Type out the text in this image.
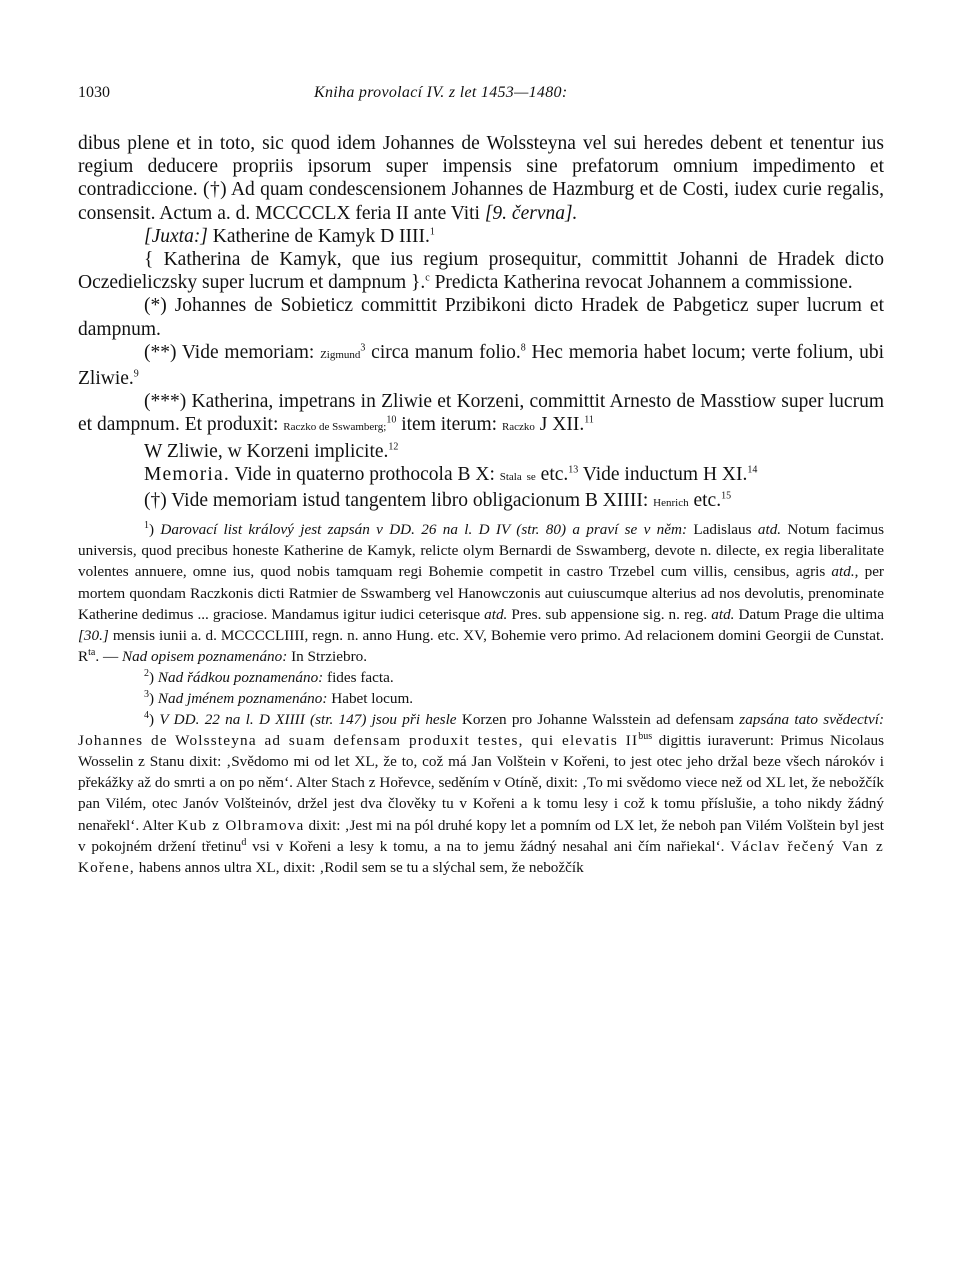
1030	Kniha provolací IV. z let 1453—1480:

dibus plene et in toto, sic quod idem Johannes de Wolssteyna vel sui heredes debent et tenentur ius regium deducere propriis ipsorum super impensis sine prefatorum omnium impedimento et contradiccione. (†) Ad quam condescensionem Johannes de Hazmburg et de Costi, iudex curie regalis, consensit. Actum a. d. MCCCCLX feria II ante Viti [9. června].

[Juxta:] Katherine de Kamyk D IIII.$^1$

{ Katherina de Kamyk, que ius regium prosequitur, committit Johanni de Hradek dicto Oczedieliczsky super lucrum et dampnum }.$^c$ Predicta Katherina revocat Johannem a commissione.

(*) Johannes de Sobieticz committit Przibikoni dicto Hradek de Pabgeticz super lucrum et dampnum.

(**) Vide memoriam: Zigmund$^3$ circa manum folio.$^8$ Hec memoria habet locum; verte folium, ubi Zliwie.$^9$

(***) Katherina, impetrans in Zliwie et Korzeni, committit Arnesto de Masstiow super lucrum et dampnum. Et produxit: Raczko de Sswamberg;$^{10}$ item iterum: Raczko J XII.$^{11}$

W Zliwie, w Korzeni implicite.$^{12}$

Memoria. Vide in quaterno prothocola B X: Stala se etc.$^{13}$ Vide inductum H XI.$^{14}$

(†) Vide memoriam istud tangentem libro obligacionum B XIIII: Henrich etc.$^{15}$

$^1$) Darovací list králový jest zapsán v DD. 26 na l. D IV (str. 80) a praví se v něm: Ladislaus atd. Notum facimus universis, quod precibus honeste Katherine de Kamyk, relicte olym Bernardi de Sswamberg, devote n. dilecte, ex regia liberalitate volentes annuere, omne ius, quod nobis tamquam regi Bohemie competit in castro Trzebel cum villis, censibus, agris atd., per mortem quondam Raczkonis dicti Ratmier de Sswamberg vel Hanowczonis aut cuiuscumque alterius ad nos devolutis, prenominate Katherine dedimus ... graciose. Mandamus igitur iudici ceterisque atd. Pres. sub appensione sig. n. reg. atd. Datum Prage die ultima [30.] mensis iunii a. d. MCCCCLIIII, regn. n. anno Hung. etc. XV, Bohemie vero primo. Ad relacionem domini Georgii de Cunstat. $R^{ta}$. — Nad opisem poznamenáno: In Strziebro.

$^2$) Nad řádkou poznamenáno: fides facta.

$^3$) Nad jménem poznamenáno: Habet locum.

$^4$) V DD. 22 na l. D XIIII (str. 147) jsou při hesle Korzen pro Johanne Walsstein ad defensam zapsána tato svědectví: Johannes de Wolssteyna ad suam defensam produxit testes, qui elevatis $II^{bus}$ digittis iuraverunt: Primus Nicolaus Wosselin z Stanu dixit: ‚Svědomo mi od let XL, že to, což má Jan Volštein v Kořeni, to jest otec jeho držal beze všech nárokóv i překážky až do smrti a on po něm‘. Alter Stach z Hořevce, seděním v Otíně, dixit: ‚To mi svědomo viece než od XL let, že nebožčík pan Vilém, otec Janóv Volšteinóv, držel jest dva člověky tu v Kořeni a k tomu lesy i což k tomu příslušie, a toho nikdy žádný nenařekl‘. Alter Kub z Olbramova dixit: ‚Jest mi na pól druhé kopy let a pomním od LX let, že neboh pan Vilém Volštein byl jest v pokojném držení třetinu$^d$ vsi v Kořeni a lesy k tomu, a na to jemu žádný nesahal ani čím nařiekal‘. Václav řečený Van z Kořene, habens annos ultra XL, dixit: ‚Rodil sem se tu a slýchal sem, že nebožčík
